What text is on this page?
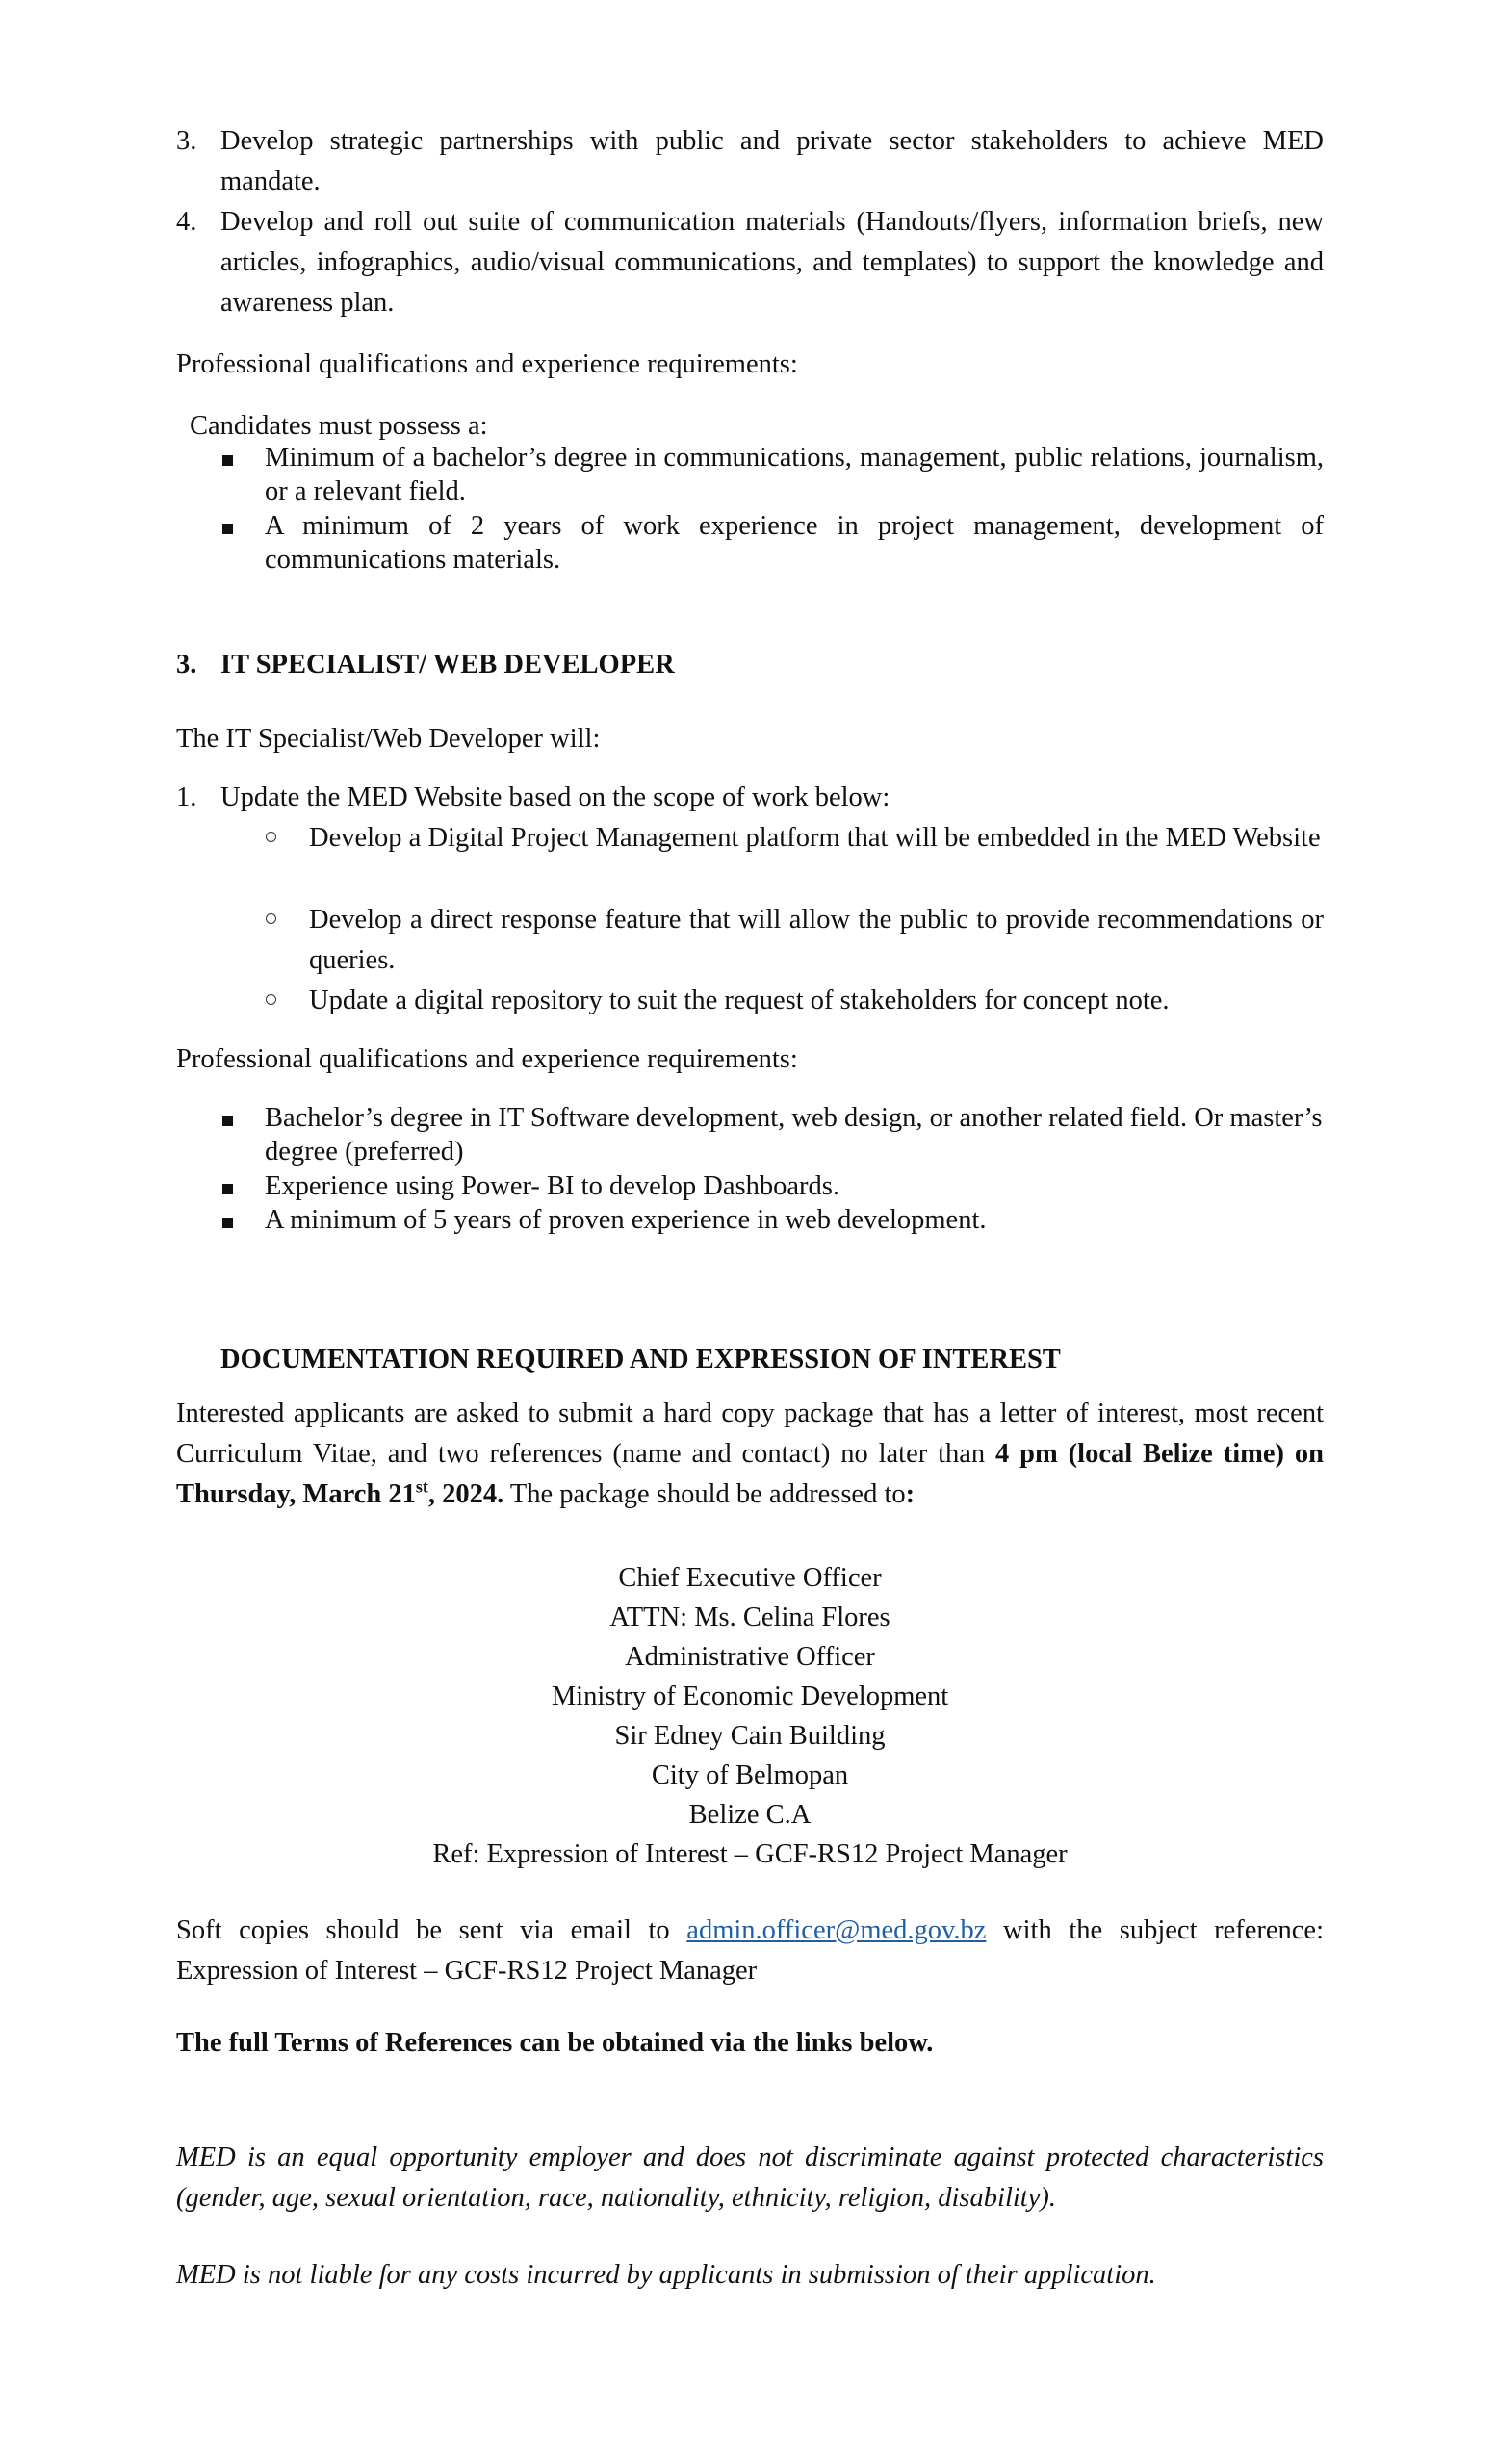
3. Develop strategic partnerships with public and private sector stakeholders to achieve MED mandate.
4. Develop and roll out suite of communication materials (Handouts/flyers, information briefs, new articles, infographics, audio/visual communications, and templates) to support the knowledge and awareness plan.
Professional qualifications and experience requirements:
Candidates must possess a:
Minimum of a bachelor’s degree in communications, management, public relations, journalism, or a relevant field.
A minimum of 2 years of work experience in project management, development of communications materials.
3. IT SPECIALIST/ WEB DEVELOPER
The IT Specialist/Web Developer will:
1. Update the MED Website based on the scope of work below:
Develop a Digital Project Management platform that will be embedded in the MED Website
Develop a direct response feature that will allow the public to provide recommendations or queries.
Update a digital repository to suit the request of stakeholders for concept note.
Professional qualifications and experience requirements:
Bachelor’s degree in IT Software development, web design, or another related field. Or master’s degree (preferred)
Experience using Power- BI to develop Dashboards.
A minimum of 5 years of proven experience in web development.
DOCUMENTATION REQUIRED AND EXPRESSION OF INTEREST
Interested applicants are asked to submit a hard copy package that has a letter of interest, most recent Curriculum Vitae, and two references (name and contact) no later than 4 pm (local Belize time) on Thursday, March 21st, 2024. The package should be addressed to:
Chief Executive Officer
ATTN: Ms. Celina Flores
Administrative Officer
Ministry of Economic Development
Sir Edney Cain Building
City of Belmopan
Belize C.A
Ref: Expression of Interest – GCF-RS12 Project Manager
Soft copies should be sent via email to admin.officer@med.gov.bz with the subject reference: Expression of Interest – GCF-RS12 Project Manager
The full Terms of References can be obtained via the links below.
MED is an equal opportunity employer and does not discriminate against protected characteristics (gender, age, sexual orientation, race, nationality, ethnicity, religion, disability).
MED is not liable for any costs incurred by applicants in submission of their application.
